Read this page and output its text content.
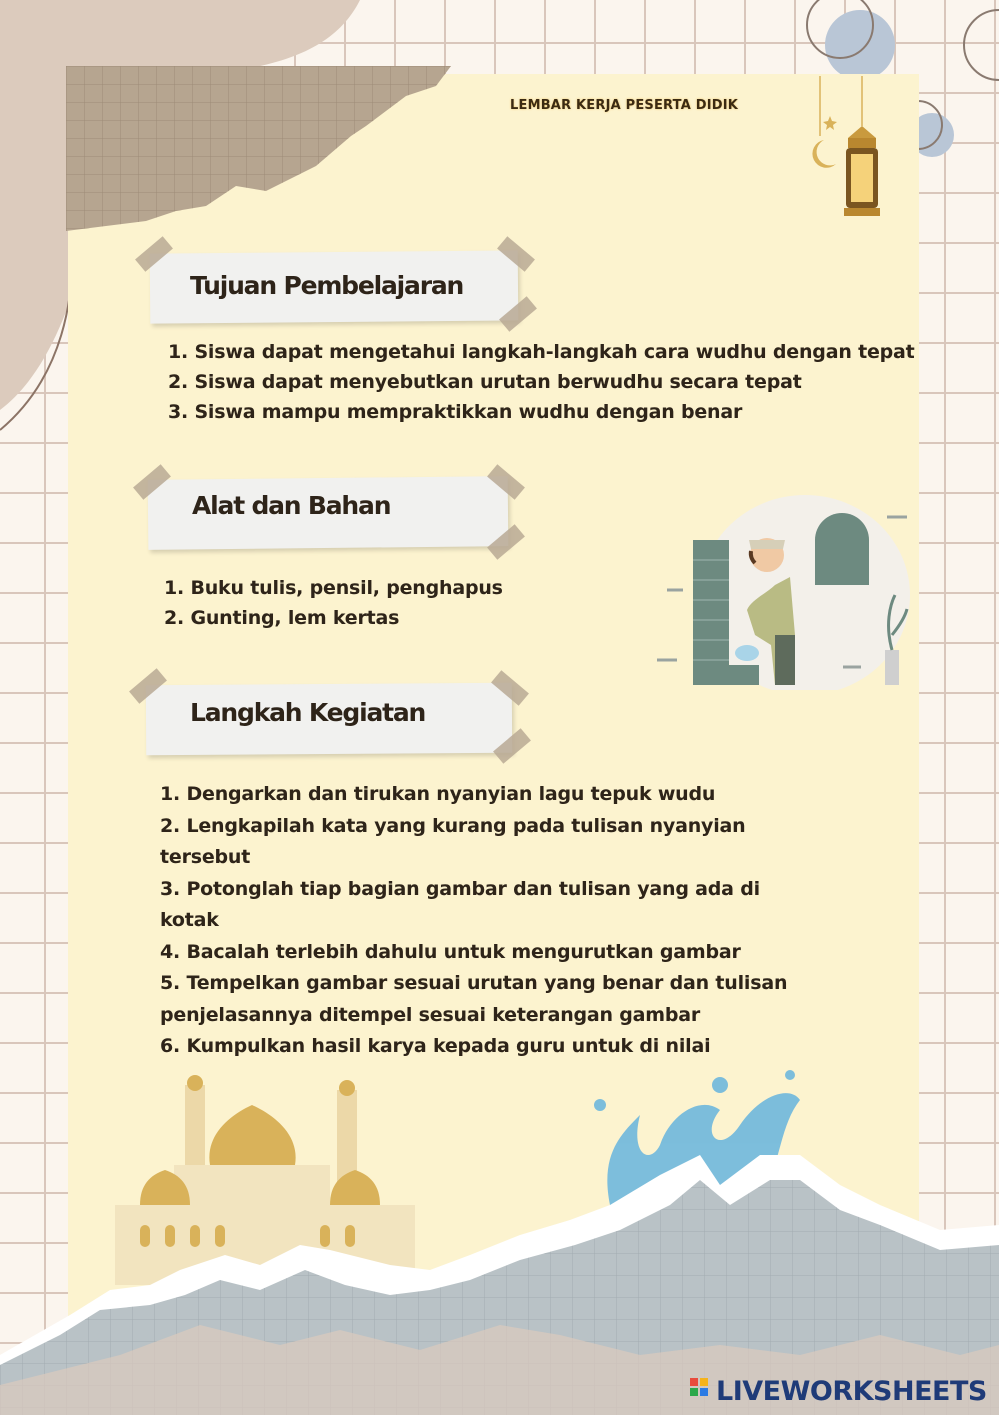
LEMBAR KERJA PESERTA DIDIK
Tujuan Pembelajaran
1. Siswa dapat mengetahui langkah-langkah cara wudhu dengan tepat
2. Siswa dapat menyebutkan urutan berwudhu secara tepat
3. Siswa mampu mempraktikkan wudhu dengan benar
Alat dan Bahan
1. Buku tulis, pensil, penghapus
2. Gunting, lem kertas
Langkah Kegiatan
1. Dengarkan dan tirukan nyanyian lagu tepuk wudu
2. Lengkapilah kata yang kurang pada tulisan nyanyian tersebut
3. Potonglah tiap bagian gambar dan tulisan yang ada di kotak
4. Bacalah terlebih dahulu untuk mengurutkan gambar
5. Tempelkan gambar sesuai urutan yang benar dan tulisan penjelasannya ditempel sesuai keterangan gambar
6. Kumpulkan hasil karya kepada guru untuk di nilai
LIVEWORKSHEETS
